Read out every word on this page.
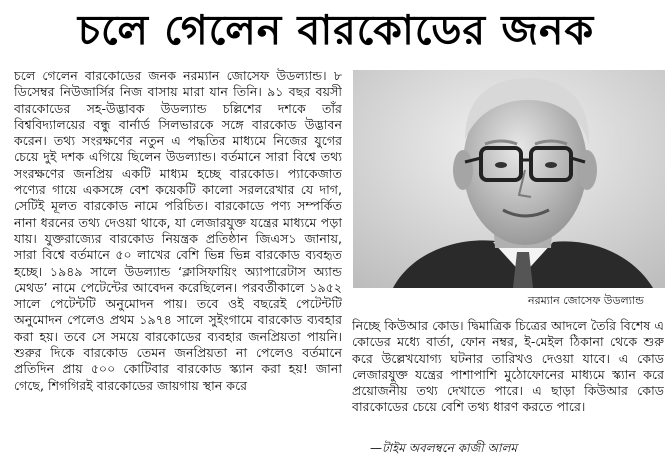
চলে গেলেন বারকোডের জনক

চলে গেলেন বারকোডের জনক নরম্যান জোসেফ উডল্যান্ড। ৮ ডিসেম্বর নিউজার্সির নিজ বাসায় মারা যান তিনি। ৯১ বছর বয়সী বারকোডের সহ-উদ্ভাবক উডল্যান্ড চল্লিশের দশকে তাঁর বিশ্ববিদ্যালয়ের বন্ধু বার্নার্ড সিলভারকে সঙ্গে বারকোড উদ্ভাবন করেন। তথ্য সংরক্ষণের নতুন এ পদ্ধতির মাধ্যমে নিজের যুগের চেয়ে দুই দশক এগিয়ে ছিলেন উডল্যান্ড। বর্তমানে সারা বিশ্বে তথ্য সংরক্ষণের জনপ্রিয় একটি মাধ্যম হচ্ছে বারকোড। প্যাকেজাত পণ্যের গায়ে একসঙ্গে বেশ কয়েকটি কালো সরলরেখার যে দাগ, সেটিই মূলত বারকোড নামে পরিচিত। বারকোডে পণ্য সম্পর্কিত নানা ধরনের তথ্য দেওয়া থাকে, যা লেজারযুক্ত যন্ত্রের মাধ্যমে পড়া যায়। যুক্তরাজ্যের বারকোড নিয়ন্ত্রক প্রতিষ্ঠান জিএস১ জানায়, সারা বিশ্বে বর্তমানে ৫০ লাখের বেশি ভিন্ন ভিন্ন বারকোড ব্যবহৃত হচ্ছে। ১৯৪৯ সালে উডল্যান্ড ‘ক্লাসিফায়িং অ্যাপারেটাস অ্যান্ড মেথড’ নামে পেটেন্টের আবেদন করেছিলেন। পরবর্তীকালে ১৯৫২ সালে পেটেন্টটি অনুমোদন পায়। তবে ওই বছরেই পেটেন্টটি অনুমোদন পেলেও প্রথম ১৯৭৪ সালে সুইংগামে বারকোড ব্যবহার করা হয়। তবে সে সময়ে বারকোডের ব্যবহার জনপ্রিয়তা পায়নি। শুরুর দিকে বারকোড তেমন জনপ্রিয়তা না পেলেও বর্তমানে প্রতিদিন প্রায় ৫০০ কোটিবার বারকোড স্ক্যান করা হয়! জানা গেছে, শিগগিরই বারকোডের জায়গায় স্থান করে

নরম্যান জোসেফ উডল্যান্ড

নিচ্ছে কিউআর কোড। দ্বিমাত্রিক চিত্রের আদলে তৈরি বিশেষ এ কোডের মধ্যে বার্তা, ফোন নম্বর, ই-মেইল ঠিকানা থেকে শুরু করে উল্লেখযোগ্য ঘটনার তারিখও দেওয়া যাবে। এ কোড লেজারযুক্ত যন্ত্রের পাশাপাশি মুঠোফোনের মাধ্যমে স্ক্যান করে প্রয়োজনীয় তথ্য দেখাতে পারে। এ ছাড়া কিউআর কোড বারকোডের চেয়ে বেশি তথ্য ধারণ করতে পারে।

—টাইম অবলম্বনে কাজী আলম
